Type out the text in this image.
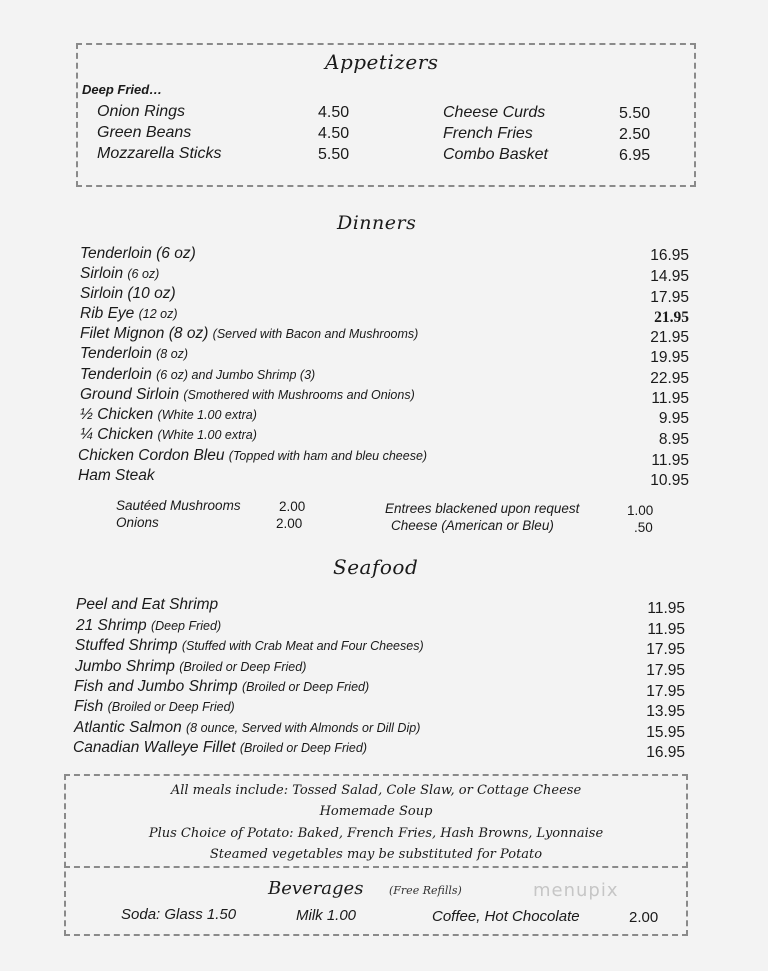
Appetizers
Deep Fried…
Onion Rings	4.50
Green Beans	4.50
Mozzarella Sticks	5.50
Cheese Curds	5.50
French Fries	2.50
Combo Basket	6.95
Dinners
Tenderloin (6 oz)	16.95
Sirloin (6 oz)	14.95
Sirloin (10 oz)	17.95
Rib Eye (12 oz)	21.95
Filet Mignon (8 oz) (Served with Bacon and Mushrooms)	21.95
Tenderloin (8 oz)	19.95
Tenderloin (6 oz) and Jumbo Shrimp (3)	22.95
Ground Sirloin (Smothered with Mushrooms and Onions)	11.95
½ Chicken (White 1.00 extra)	9.95
¼ Chicken (White 1.00 extra)	8.95
Chicken Cordon Bleu (Topped with ham and bleu cheese)	11.95
Ham Steak	10.95
Sautéed Mushrooms	2.00
Onions	2.00
Entrees blackened upon request	1.00
Cheese (American or Bleu)	.50
Seafood
Peel and Eat Shrimp	11.95
21 Shrimp (Deep Fried)	11.95
Stuffed Shrimp (Stuffed with Crab Meat and Four Cheeses)	17.95
Jumbo Shrimp (Broiled or Deep Fried)	17.95
Fish and Jumbo Shrimp (Broiled or Deep Fried)	17.95
Fish (Broiled or Deep Fried)	13.95
Atlantic Salmon (8 ounce, Served with Almonds or Dill Dip)	15.95
Canadian Walleye Fillet (Broiled or Deep Fried)	16.95
All meals include: Tossed Salad, Cole Slaw, or Cottage Cheese
Homemade Soup
Plus Choice of Potato: Baked, French Fries, Hash Browns, Lyonnaise
Steamed vegetables may be substituted for Potato
Beverages (Free Refills)	menupix
Soda: Glass 1.50	Milk 1.00	Coffee, Hot Chocolate	2.00
